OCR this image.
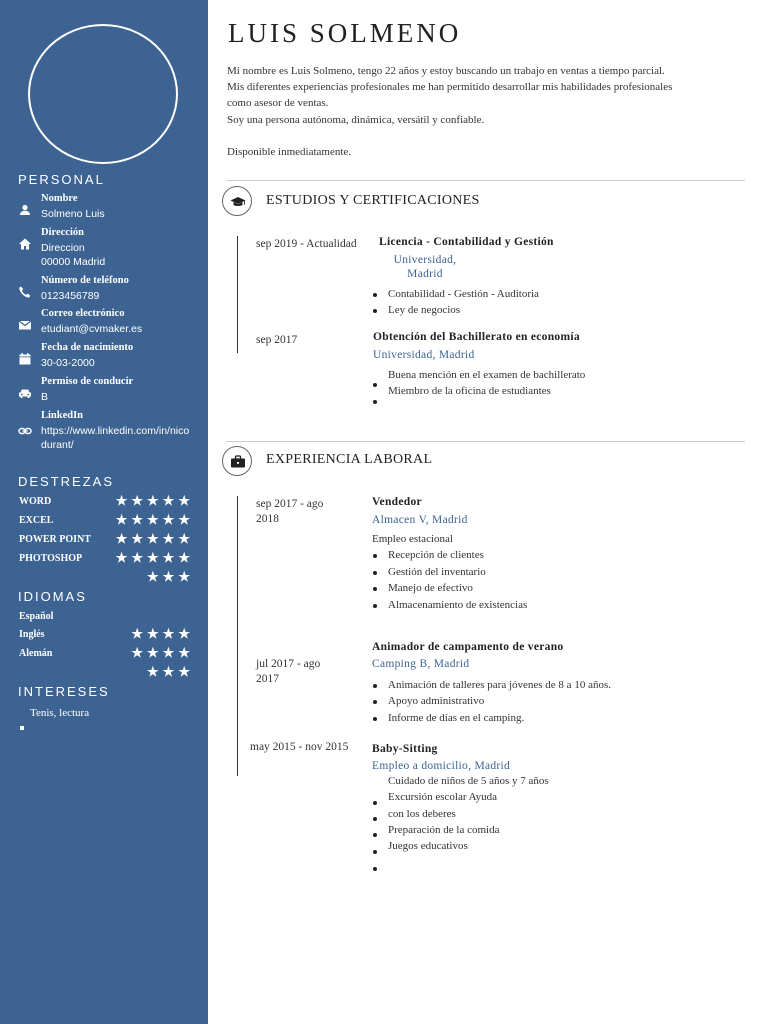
PERSONAL
Nombre
Solmeno Luis
Dirección
Direccion
00000 Madrid
Número de teléfono
0123456789
Correo electrónico
etudiant@cvmaker.es
Fecha de nacimiento
30-03-2000
Permiso de conducir
B
LinkedIn
https://www.linkedin.com/in/nico
durant/
DESTREZAS
WORD	★★★★★
EXCEL	★★★★★
POWER POINT ★★★★★
PHOTOSHOP	★★★★★
★★★
IDIOMAS
Español
Inglés	★★★★
Alemán	★★★★
★★★
INTERESES
Tenis, lectura
LUIS SOLMENO

Mi nombre es Luis Solmeno, tengo 22 años y estoy buscando un trabajo en ventas a tiempo parcial.

Mis diferentes experiencias profesionales me han permitido desarrollar mis habilidades profesionales

como asesor de ventas.

Soy una persona autónoma, dinámica, versátil y confiable.

Disponible inmediatamente.

ESTUDIOS Y CERTIFICACIONES
sep 2019 - Actualidad Licencia - Contabilidad y Gestión
Universidad,
Madrid
Contabilidad - Gestión - Auditoria
Ley de negocios
sep 2017	Obtención del Bachillerato en economía
Universidad, Madrid
Buena mención en el examen de bachillerato
Miembro de la oficina de estudiantes
EXPERIENCIA LABORAL
sep 2017 - ago
2018
Vendedor
Almacen V, Madrid
Empleo estacional
Recepción de clientes
Gestión del inventario
Manejo de efectivo
Almacenamiento de existencias
jul 2017 - ago
2017
Animador de campamento de verano
Camping B, Madrid
Animación de talleres para jóvenes de 8 a 10 años.
Apoyo administrativo
Informe de días en el camping.
may 2015 - nov 2015 Baby-Sitting
Empleo a domicilio, Madrid
Cuidado de niños de 5 años y 7 años
Excursión escolar Ayuda
con los deberes
Preparación de la comida
Juegos educativos
